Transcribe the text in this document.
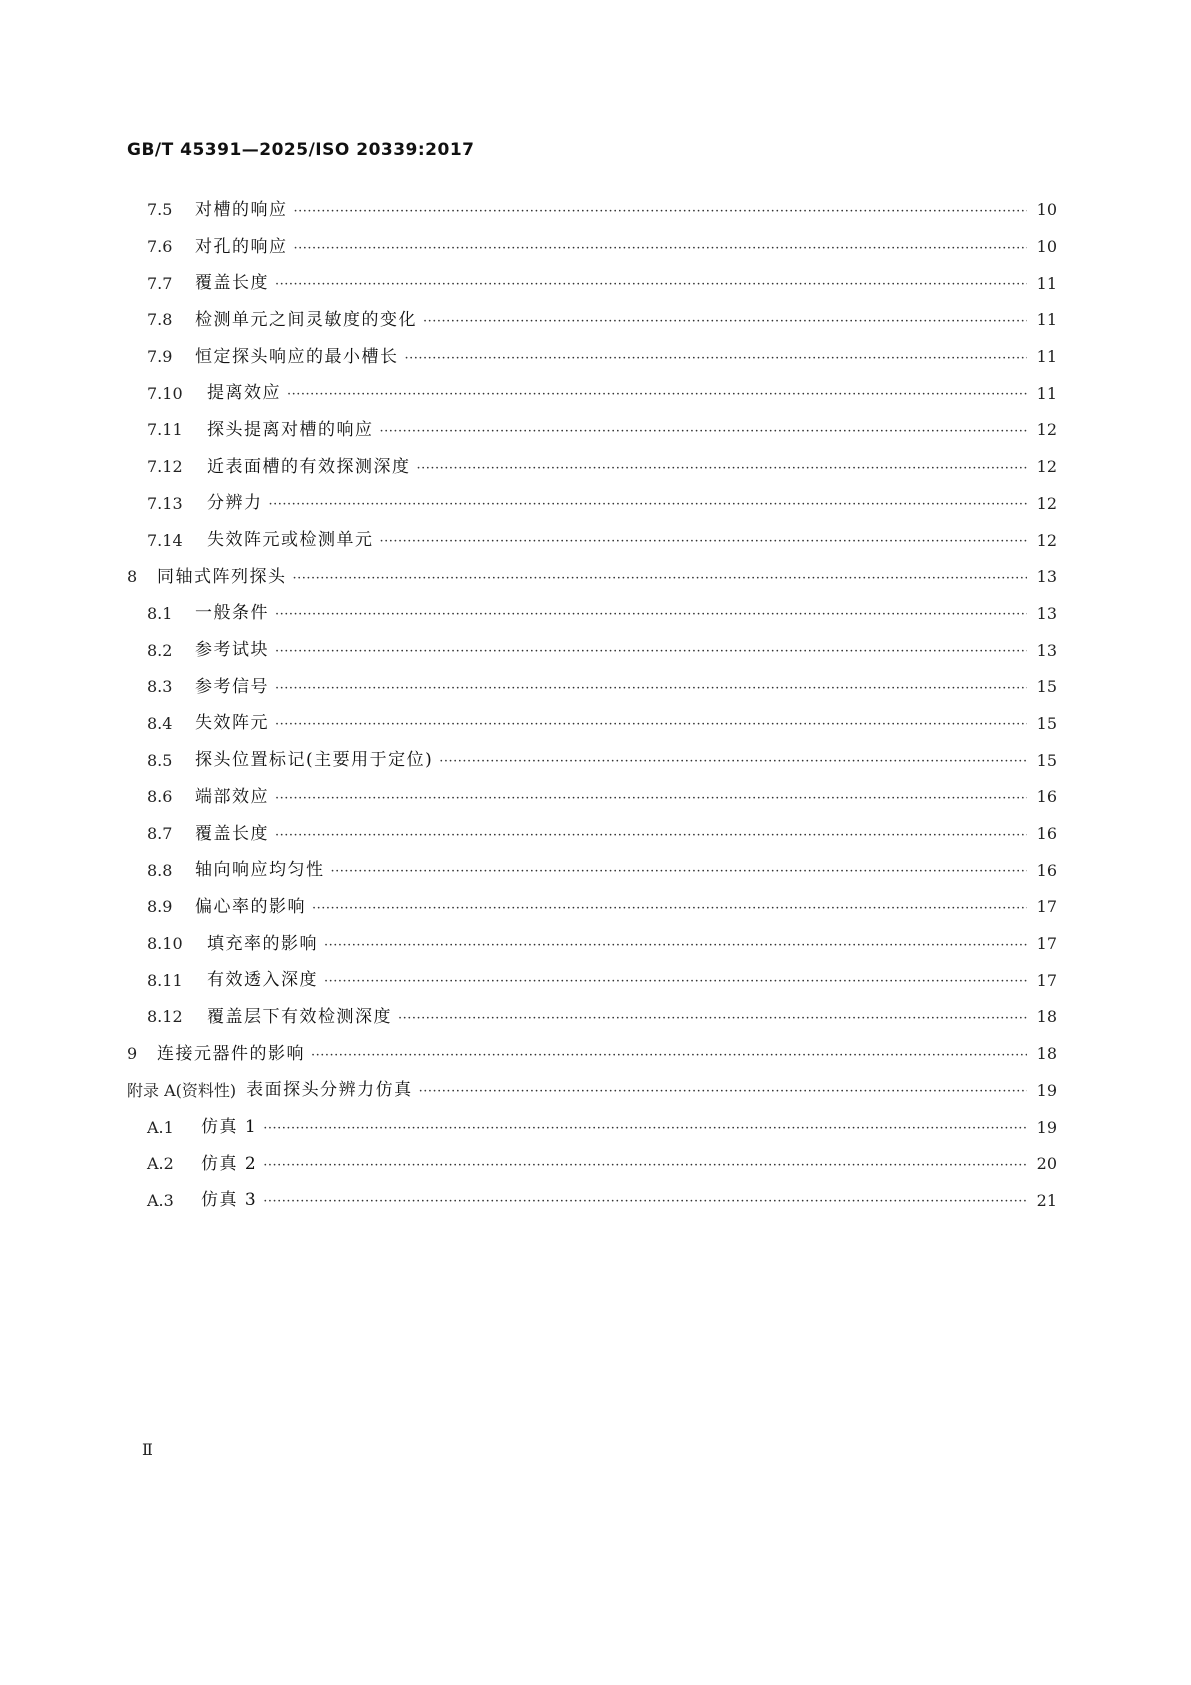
GB/T 45391—2025/ISO 20339:2017
7.5	对槽的响应 ·····	10
7.6	对孔的响应 ·····	10
7.7	覆盖长度 ·····	11
7.8	检测单元之间灵敏度的变化 ·····	11
7.9	恒定探头响应的最小槽长 ·····	11
7.10	提离效应 ·····	11
7.11	探头提离对槽的响应 ·····	12
7.12	近表面槽的有效探测深度 ·····	12
7.13	分辨力 ·····	12
7.14	失效阵元或检测单元 ·····	12
8	同轴式阵列探头 ·····	13
8.1	一般条件 ·····	13
8.2	参考试块 ·····	13
8.3	参考信号 ·····	15
8.4	失效阵元 ·····	15
8.5	探头位置标记(主要用于定位) ·····	15
8.6	端部效应 ·····	16
8.7	覆盖长度 ·····	16
8.8	轴向响应均匀性 ·····	16
8.9	偏心率的影响 ·····	17
8.10	填充率的影响 ·····	17
8.11	有效透入深度 ·····	17
8.12	覆盖层下有效检测深度 ·····	18
9	连接元器件的影响 ·····	18
附录 A(资料性) 表面探头分辨力仿真 ·····	19
A.1	仿真 1 ·····	19
A.2	仿真 2 ·····	20
A.3	仿真 3 ·····	21
Ⅱ
